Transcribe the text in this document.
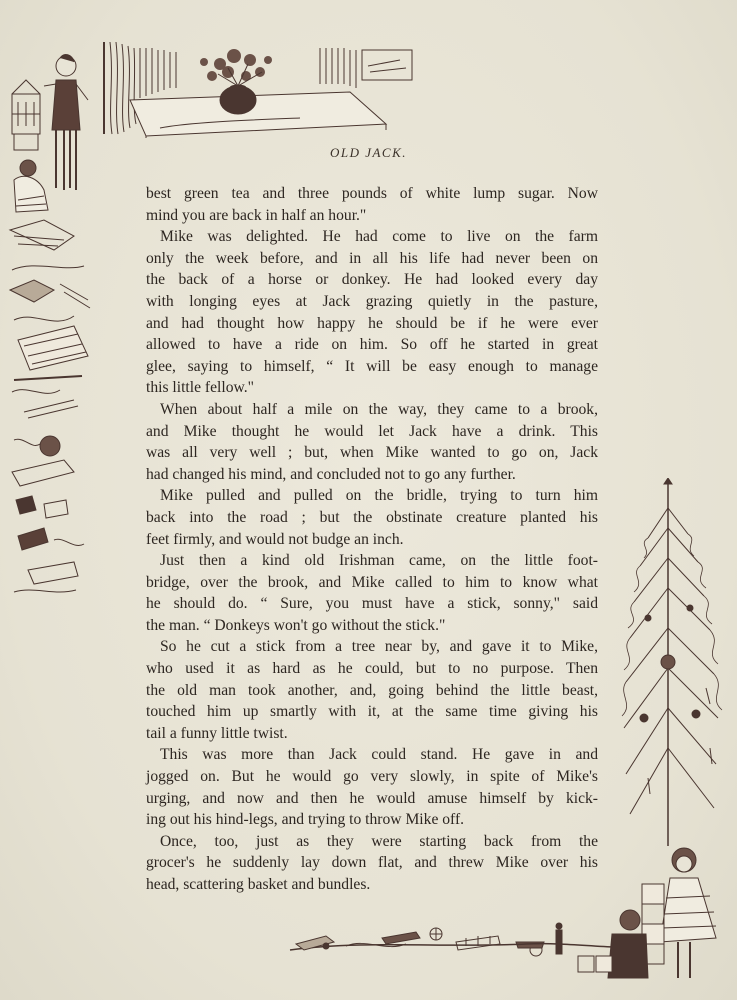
OLD JACK.
best green tea and three pounds of white lump sugar. Now
mind you are back in half an hour."
Mike was delighted. He had come to live on the farm
only the week before, and in all his life had never been on
the back of a horse or donkey. He had looked every day
with longing eyes at Jack grazing quietly in the pasture,
and had thought how happy he should be if he were ever
allowed to have a ride on him. So off he started in great
glee, saying to himself, “ It will be easy enough to manage
this little fellow."
When about half a mile on the way, they came to a brook,
and Mike thought he would let Jack have a drink. This
was all very well ; but, when Mike wanted to go on, Jack
had changed his mind, and concluded not to go any further.
Mike pulled and pulled on the bridle, trying to turn him
back into the road ; but the obstinate creature planted his
feet firmly, and would not budge an inch.
Just then a kind old Irishman came, on the little foot-
bridge, over the brook, and Mike called to him to know what
he should do. “ Sure, you must have a stick, sonny," said
the man. “ Donkeys won't go without the stick."
So he cut a stick from a tree near by, and gave it to Mike,
who used it as hard as he could, but to no purpose. Then
the old man took another, and, going behind the little beast,
touched him up smartly with it, at the same time giving his
tail a funny little twist.
This was more than Jack could stand. He gave in and
jogged on. But he would go very slowly, in spite of Mike's
urging, and now and then he would amuse himself by kick-
ing out his hind-legs, and trying to throw Mike off.
Once, too, just as they were starting back from the
grocer's he suddenly lay down flat, and threw Mike over his
head, scattering basket and bundles.
